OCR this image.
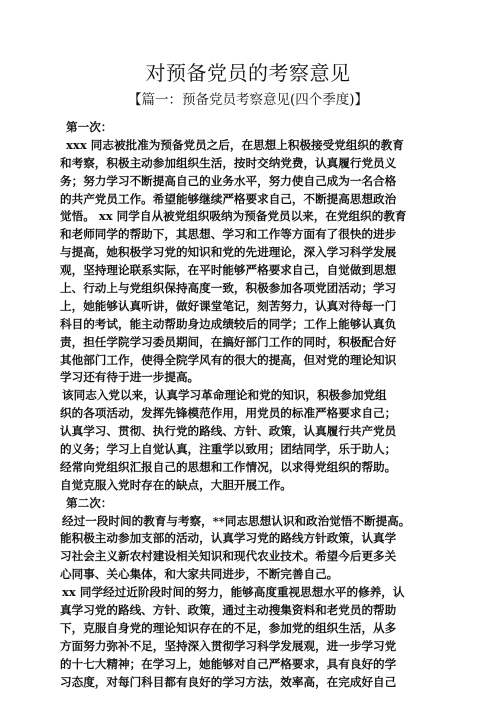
对预备党员的考察意见
【篇一：预备党员考察意见(四个季度)】
第一次：
xxx 同志被批准为预备党员之后，在思想上积极接受党组织的教育
和考察，积极主动参加组织生活，按时交纳党费，认真履行党员义
务；努力学习不断提高自己的业务水平，努力使自己成为一名合格
的共产党员工作。希望能够继续严格要求自己，不断提高思想政治
觉悟。 xx 同学自从被党组织吸纳为预备党员以来，在党组织的教育
和老师同学的帮助下，其思想、学习和工作等方面有了很快的进步
与提高，她积极学习党的知识和党的先进理论，深入学习科学发展
观，坚持理论联系实际，在平时能够严格要求自己，自觉做到思想
上、行动上与党组织保持高度一致，积极参加各项党团活动；学习
上，她能够认真听讲，做好课堂笔记，刻苦努力，认真对待每一门
科目的考试，能主动帮助身边成绩较后的同学；工作上能够认真负
责，担任学院学习委员期间，在搞好部门工作的同时，积极配合好
其他部门工作，使得全院学风有的很大的提高，但对党的理论知识
学习还有待于进一步提高。
该同志入党以来，认真学习革命理论和党的知识，积极参加党组
织的各项活动，发挥先锋模范作用，用党员的标准严格要求自己；
认真学习、贯彻、执行党的路线、方针、政策，认真履行共产党员
的义务；学习上自觉认真，注重学以致用；团结同学，乐于助人；
经常向党组织汇报自己的思想和工作情况，以求得党组织的帮助。
自觉克服入党时存在的缺点，大胆开展工作。
第二次：
经过一段时间的教育与考察，**同志思想认识和政治觉悟不断提高。
能积极主动参加支部的活动，认真学习党的路线方针政策，认真学
习社会主义新农村建设相关知识和现代农业技术。希望今后更多关
心同事、关心集体，和大家共同进步，不断完善自己。
xx 同学经过近阶段时间的努力，能够高度重视思想水平的修养，认
真学习党的路线、方针、政策，通过主动搜集资料和老党员的帮助
下，克服自身党的理论知识存在的不足，参加党的组织生活，从多
方面努力弥补不足，坚持深入贯彻学习科学发展观，进一步学习党
的十七大精神；在学习上，她能够对自己严格要求，具有良好的学
习态度，对每门科目都有良好的学习方法，效率高，在完成好自己
